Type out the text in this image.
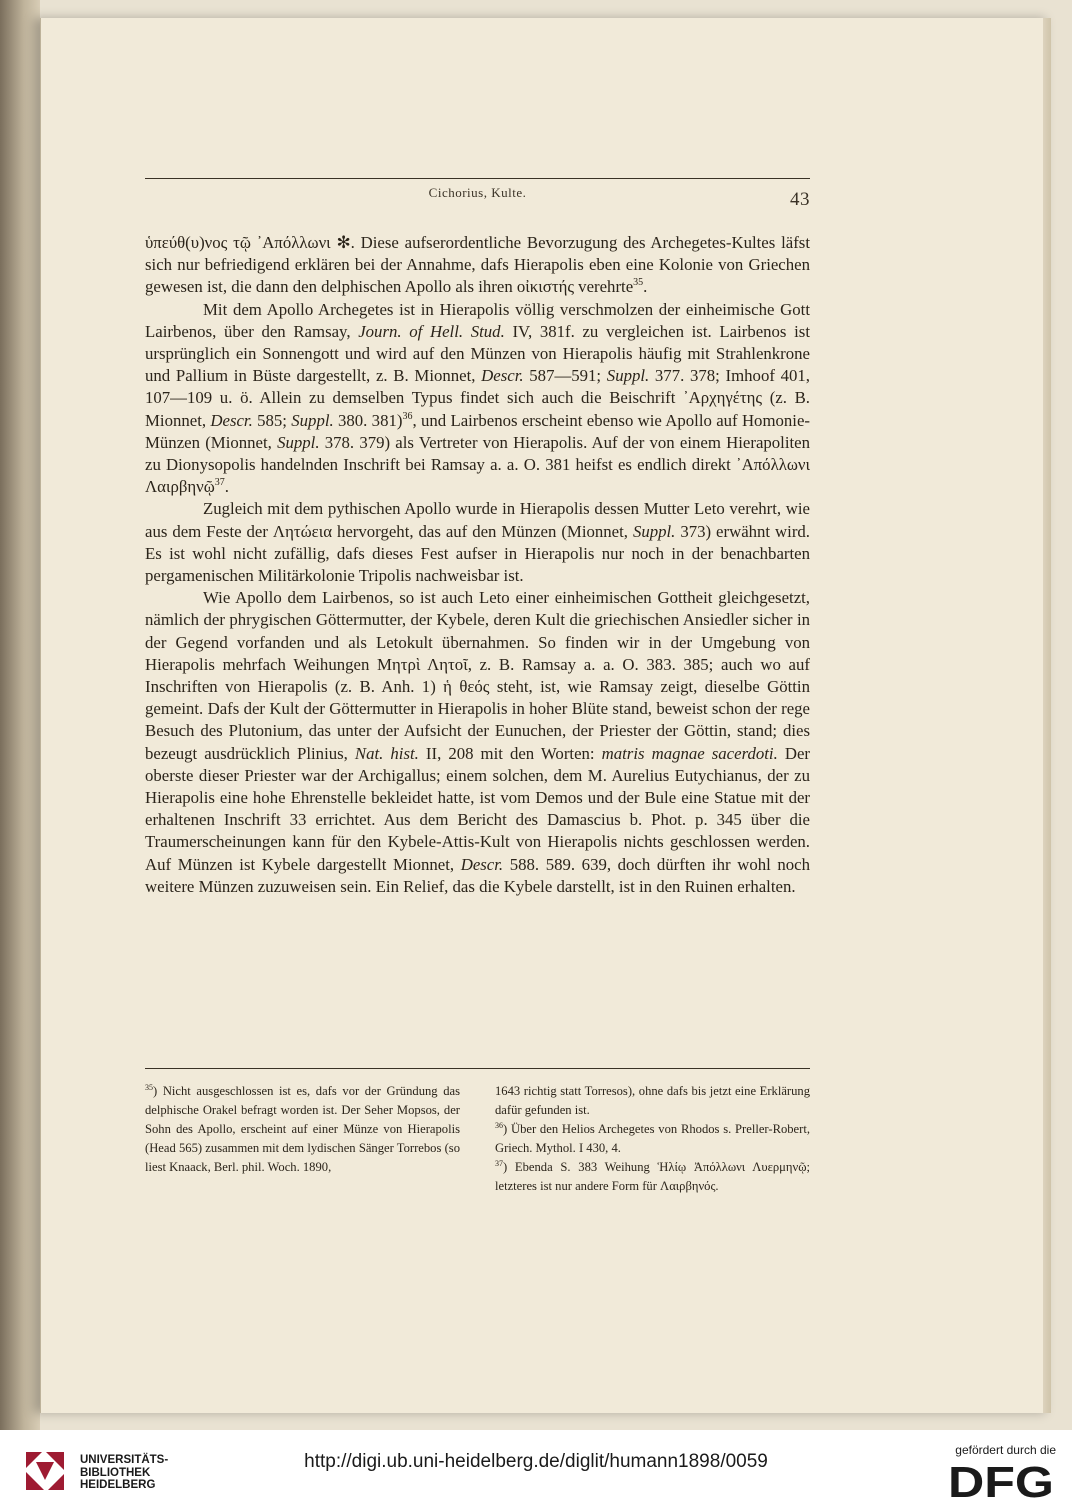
Cichorius, Kulte.	43

ὑπεύθ(υ)νος τῷ ᾿Απόλλωνι ✻. Diese aufserordentliche Bevorzugung des Archegetes-Kultes läfst sich nur befriedigend erklären bei der Annahme, dafs Hierapolis eben eine Kolonie von Griechen gewesen ist, die dann den delphischen Apollo als ihren οἰκιστής verehrte$^{35}$.

Mit dem Apollo Archegetes ist in Hierapolis völlig verschmolzen der einheimische Gott Lairbenos, über den Ramsay, Journ. of Hell. Stud. IV, 381f. zu vergleichen ist. Lairbenos ist ursprünglich ein Sonnengott und wird auf den Münzen von Hierapolis häufig mit Strahlenkrone und Pallium in Büste dargestellt, z. B. Mionnet, Descr. 587—591; Suppl. 377. 378; Imhoof 401, 107—109 u. ö. Allein zu demselben Typus findet sich auch die Beischrift ᾿Αρχηγέτης (z. B. Mionnet, Descr. 585; Suppl. 380. 381)$^{36}$, und Lairbenos erscheint ebenso wie Apollo auf Homonie-Münzen (Mionnet, Suppl. 378. 379) als Vertreter von Hierapolis. Auf der von einem Hierapoliten zu Dionysopolis handelnden Inschrift bei Ramsay a. a. O. 381 heifst es endlich direkt ᾿Απόλλωνι Λαιρβηνῷ$^{37}$.

Zugleich mit dem pythischen Apollo wurde in Hierapolis dessen Mutter Leto verehrt, wie aus dem Feste der Λητώεια hervorgeht, das auf den Münzen (Mionnet, Suppl. 373) erwähnt wird. Es ist wohl nicht zufällig, dafs dieses Fest aufser in Hierapolis nur noch in der benachbarten pergamenischen Militärkolonie Tripolis nachweisbar ist.

Wie Apollo dem Lairbenos, so ist auch Leto einer einheimischen Gottheit gleichgesetzt, nämlich der phrygischen Göttermutter, der Kybele, deren Kult die griechischen Ansiedler sicher in der Gegend vorfanden und als Letokult übernahmen. So finden wir in der Umgebung von Hierapolis mehrfach Weihungen Μητρὶ Λητοῖ, z. B. Ramsay a. a. O. 383. 385; auch wo auf Inschriften von Hierapolis (z. B. Anh. 1) ἡ θεός steht, ist, wie Ramsay zeigt, dieselbe Göttin gemeint. Dafs der Kult der Göttermutter in Hierapolis in hoher Blüte stand, beweist schon der rege Besuch des Plutonium, das unter der Aufsicht der Eunuchen, der Priester der Göttin, stand; dies bezeugt ausdrücklich Plinius, Nat. hist. II, 208 mit den Worten: matris magnae sacerdoti. Der oberste dieser Priester war der Archigallus; einem solchen, dem M. Aurelius Eutychianus, der zu Hierapolis eine hohe Ehrenstelle bekleidet hatte, ist vom Demos und der Bule eine Statue mit der erhaltenen Inschrift 33 errichtet. Aus dem Bericht des Damascius b. Phot. p. 345 über die Traumerscheinungen kann für den Kybele-Attis-Kult von Hierapolis nichts geschlossen werden. Auf Münzen ist Kybele dargestellt Mionnet, Descr. 588. 589. 639, doch dürften ihr wohl noch weitere Münzen zuzuweisen sein. Ein Relief, das die Kybele darstellt, ist in den Ruinen erhalten.

$^{35}$) Nicht ausgeschlossen ist es, dafs vor der Gründung das delphische Orakel befragt worden ist. Der Seher Mopsos, der Sohn des Apollo, erscheint auf einer Münze von Hierapolis (Head 565) zusammen mit dem lydischen Sänger Torrebos (so liest Knaack, Berl. phil. Woch. 1890,

1643 richtig statt Torresos), ohne dafs bis jetzt eine Erklärung dafür gefunden ist.

$^{36}$) Über den Helios Archegetes von Rhodos s. Preller-Robert, Griech. Mythol. I 430, 4.

$^{37}$) Ebenda S. 383 Weihung Ἡλίῳ Ἀπόλλωνι Λυερμηνῷ; letzteres ist nur andere Form für Λαιρβηνός.

UNIVERSITÄTS-
BIBLIOTHEK
HEIDELBERG
http://digi.ub.uni-heidelberg.de/diglit/humann1898/0059
gefördert durch die
DFG
